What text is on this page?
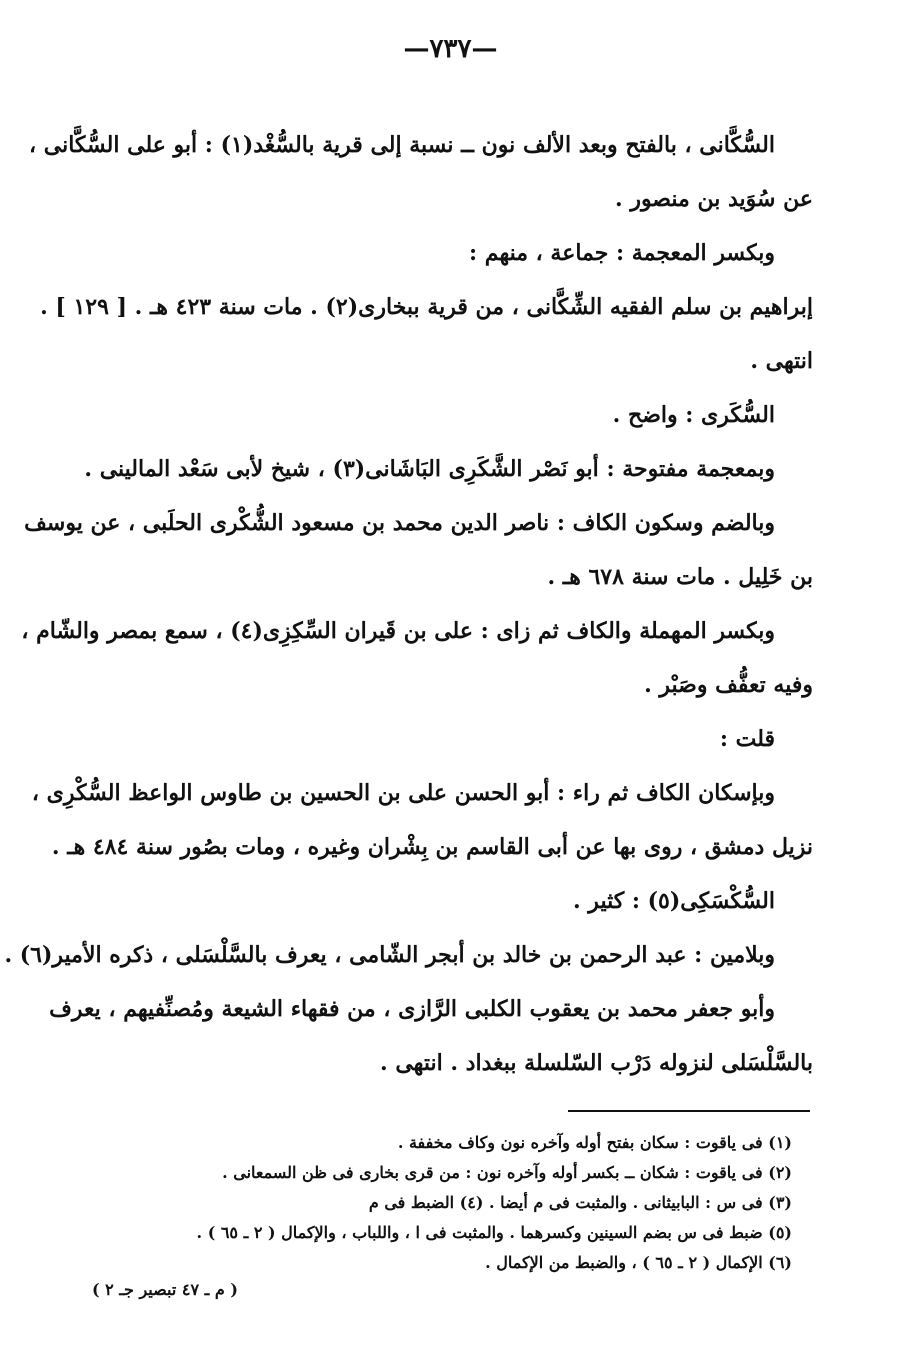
—٧٣٧—
السُّكَّانى ، بالفتح وبعد الألف نون ــ نسبة إلى قرية بالسُّغْد(١) : أبو على السُّكَّانى ،
عن سُوَيد بن منصور .
وبكسر المعجمة : جماعة ، منهم :
إبراهيم بن سلم الفقيه الشِّكَّانى ، من قرية ببخارى(٢) . مات سنة ٤٢٣ هـ . [ ١٢٩ ] .
انتهى .
السُّكَرى : واضح .
وبمعجمة مفتوحة : أبو نَصْر الشَّكَرِى البَاشَانى(٣) ، شيخ لأبى سَعْد المالينى .
وبالضم وسكون الكاف : ناصر الدين محمد بن مسعود الشُّكْرى الحلَبى ، عن يوسف
بن خَلِيل . مات سنة ٦٧٨ هـ .
وبكسر المهملة والكاف ثم زاى : على بن قَيران السِّكِزِى(٤) ، سمع بمصر والشّام ،
وفيه تعفُّف وصَبْر .
قلت :
وبإسكان الكاف ثم راء : أبو الحسن على بن الحسين بن طاوس الواعظ السُّكْرِى ،
نزيل دمشق ، روى بها عن أبى القاسم بن بِشْران وغيره ، ومات بصُور سنة ٤٨٤ هـ .
السُّكْسَكِى(٥) : كثير .
وبلامين : عبد الرحمن بن خالد بن أبجر الشّامى ، يعرف بالسَّلْسَلى ، ذكره الأمير(٦) .
وأبو جعفر محمد بن يعقوب الكلبى الرَّازى ، من فقهاء الشيعة ومُصنِّفيهم ، يعرف
بالسَّلْسَلى لنزوله دَرْب السّلسلة ببغداد . انتهى .
(١) فى ياقوت : سكان بفتح أوله وآخره نون وكاف مخففة .
(٢) فى ياقوت : شكان ــ بكسر أوله وآخره نون : من قرى بخارى فى ظن السمعانى .
(٣) فى س : البابيثانى . والمثبت فى م أيضا . (٤) الضبط فى م
(٥) ضبط فى س بضم السينين وكسرهما . والمثبت فى ا ، واللباب ، والإكمال ( ٢ ـ ٦٥ ) .
(٦) الإكمال ( ٢ ـ ٦٥ ) ، والضبط من الإكمال .
( م ـ ٤٧ تبصير جـ ٢ )
